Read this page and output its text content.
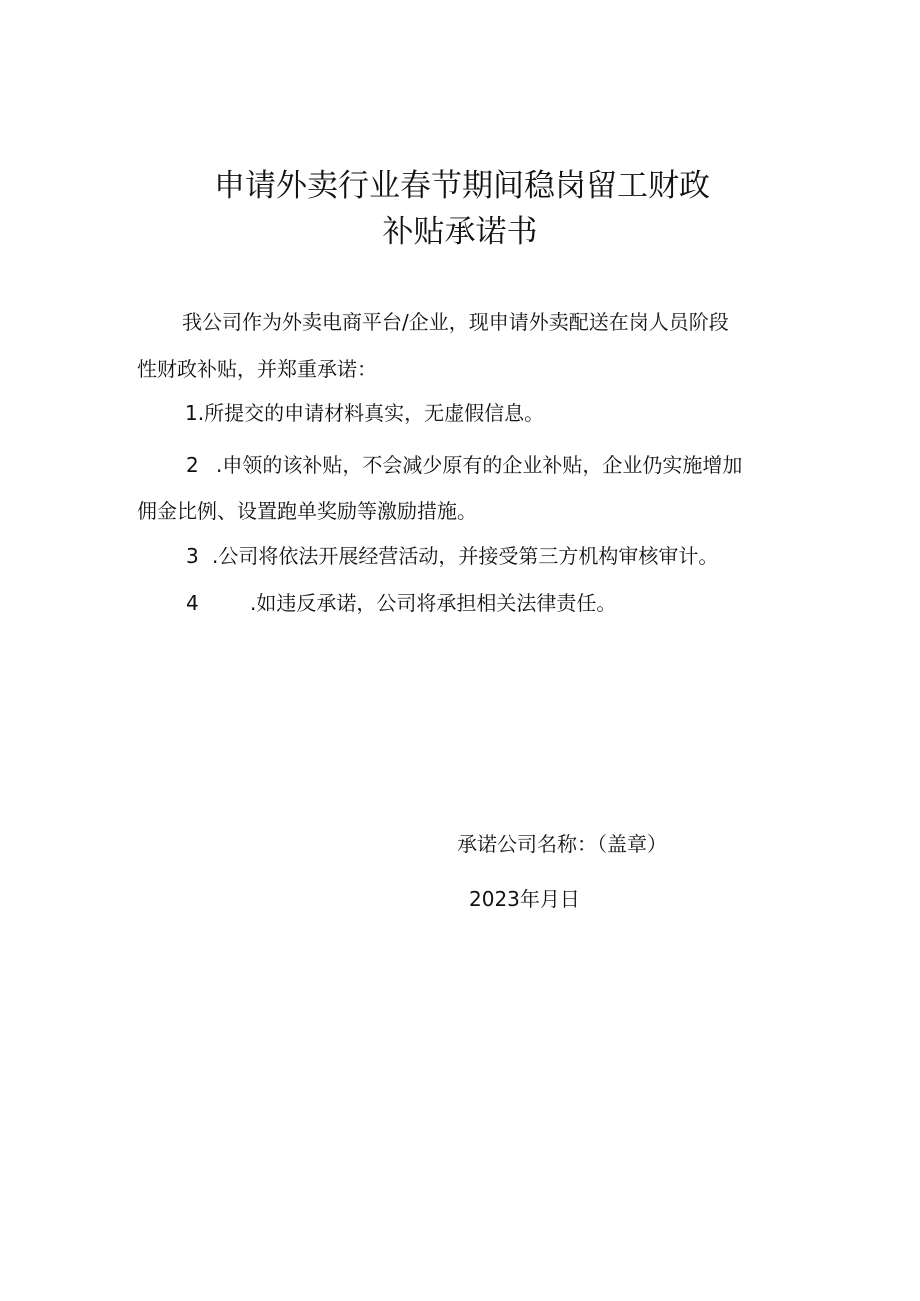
申请外卖行业春节期间稳岗留工财政
补贴承诺书

我公司作为外卖电商平台/企业，现申请外卖配送在岗人员阶段

性财政补贴，并郑重承诺：

1.所提交的申请材料真实，无虚假信息。

2 .申领的该补贴，不会减少原有的企业补贴，企业仍实施增加

佣金比例、设置跑单奖励等激励措施。

3 .公司将依法开展经营活动，并接受第三方机构审核审计。

4	.如违反承诺，公司将承担相关法律责任。

承诺公司名称：（盖章）

2023年月日
